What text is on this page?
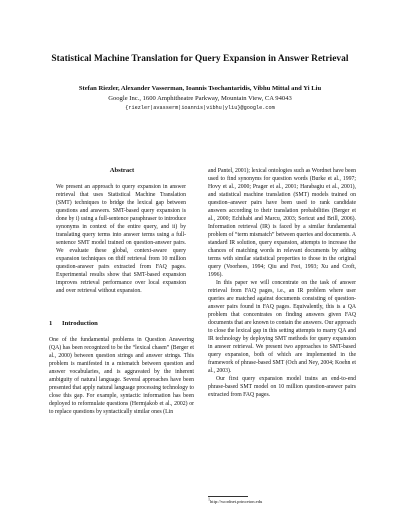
Statistical Machine Translation for Query Expansion in Answer Retrieval
Stefan Riezler, Alexander Vasserman, Ioannis Tsochantaridis, Vibhu Mittal and Yi Liu
Google Inc., 1600 Amphitheatre Parkway, Mountain View, CA 94043
{riezler|avasserm|ioannis|vibhu|yliu}@google.com
Abstract
We present an approach to query expansion in answer retrieval that uses Statistical Machine Translation (SMT) techniques to bridge the lexical gap between questions and answers. SMT-based query expansion is done by i) using a full-sentence paraphraser to introduce synonyms in context of the entire query, and ii) by translating query terms into answer terms using a full-sentence SMT model trained on question-answer pairs. We evaluate these global, context-aware query expansion techniques on tfidf retrieval from 10 million question-answer pairs extracted from FAQ pages. Experimental results show that SMT-based expansion improves retrieval performance over local expansion and over retrieval without expansion.
1 Introduction
One of the fundamental problems in Question Answering (QA) has been recognized to be the “lexical chasm” (Berger et al., 2000) between question strings and answer strings. This problem is manifested in a mismatch between question and answer vocabularies, and is aggravated by the inherent ambiguity of natural language. Several approaches have been presented that apply natural language processing technology to close this gap. For example, syntactic information has been deployed to reformulate questions (Hermjakob et al., 2002) or to replace questions by syntactically similar ones (Lin

and Pantel, 2001); lexical ontologies such as Wordnet have been used to find synonyms for question words (Burke et al., 1997; Hovy et al., 2000; Prager et al., 2001; Harabagiu et al., 2001), and statistical machine translation (SMT) models trained on question–answer pairs have been used to rank candidate answers according to their translation probabilities (Berger et al., 2000; Echihabi and Marcu, 2003; Soricut and Brill, 2006). Information retrieval (IR) is faced by a similar fundamental problem of “term mismatch” between queries and documents. A standard IR solution, query expansion, attempts to increase the chances of matching words in relevant documents by adding terms with similar statistical properties to those in the original query (Voorhees, 1994; Qiu and Frei, 1993; Xu and Croft, 1996).

In this paper we will concentrate on the task of answer retrieval from FAQ pages, i.e., an IR problem where user queries are matched against documents consisting of question-answer pairs found in FAQ pages. Equivalently, this is a QA problem that concentrates on finding answers given FAQ documents that are known to contain the answers. Our approach to close the lexical gap in this setting attempts to marry QA and IR technology by deploying SMT methods for query expansion in answer retrieval. We present two approaches to SMT-based query expansion, both of which are implemented in the framework of phrase-based SMT (Och and Ney, 2004; Koehn et al., 2003).

Our first query expansion model trains an end-to-end phrase-based SMT model on 10 million question-answer pairs extracted from FAQ pages.

$^1$http://wordnet.princeton.edu
